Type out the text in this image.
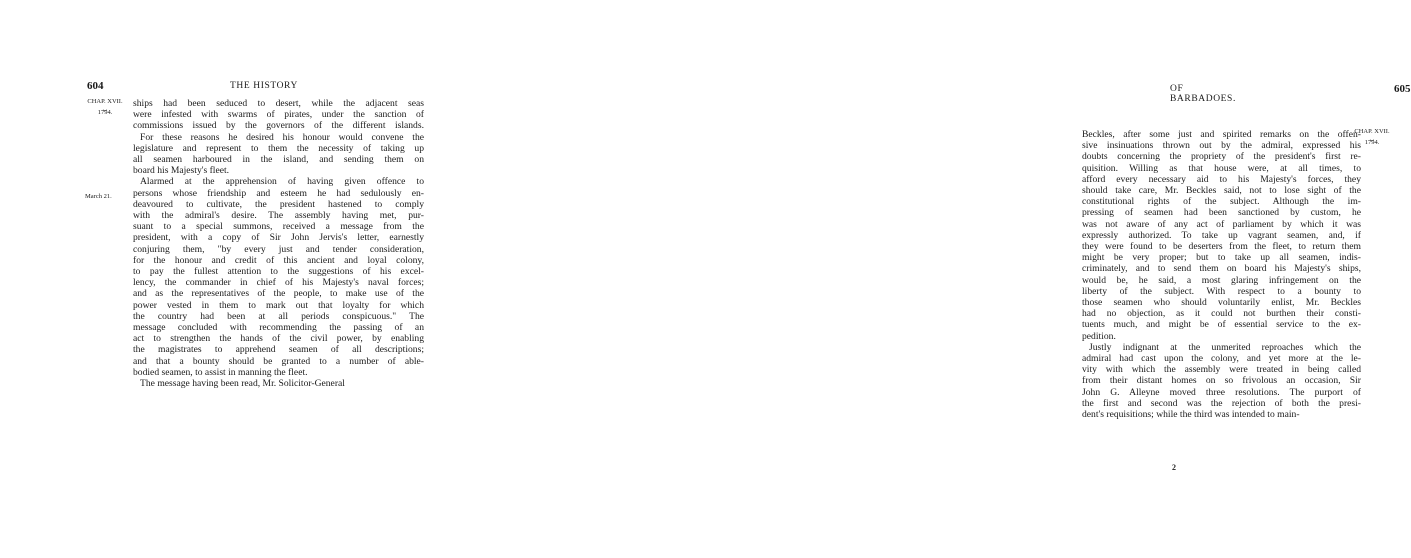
604	THE HISTORY
CHAP. XVII.
⏟
1794.
March 21.
ships had been seduced to desert, while the adjacent seas
were infested with swarms of pirates, under the sanction of
commissions issued by the governors of the different islands.
For these reasons he desired his honour would convene the
legislature and represent to them the necessity of taking up
all seamen harboured in the island, and sending them on
board his Majesty's fleet.
Alarmed at the apprehension of having given offence to
persons whose friendship and esteem he had sedulously en-
deavoured to cultivate, the president hastened to comply
with the admiral's desire. The assembly having met, pur-
suant to a special summons, received a message from the
president, with a copy of Sir John Jervis's letter, earnestly
conjuring them, "by every just and tender consideration,
for the honour and credit of this ancient and loyal colony,
to pay the fullest attention to the suggestions of his excel-
lency, the commander in chief of his Majesty's naval forces;
and as the representatives of the people, to make use of the
power vested in them to mark out that loyalty for which
the country had been at all periods conspicuous." The
message concluded with recommending the passing of an
act to strengthen the hands of the civil power, by enabling
the magistrates to apprehend seamen of all descriptions;
and that a bounty should be granted to a number of able-
bodied seamen, to assist in manning the fleet.
The message having been read, Mr. Solicitor-General
OF BARBADOES.
605
CHAP. XVII.
⏟
1794.
Beckles, after some just and spirited remarks on the offen-
sive insinuations thrown out by the admiral, expressed his
doubts concerning the propriety of the president's first re-
quisition. Willing as that house were, at all times, to
afford every necessary aid to his Majesty's forces, they
should take care, Mr. Beckles said, not to lose sight of the
constitutional rights of the subject. Although the im-
pressing of seamen had been sanctioned by custom, he
was not aware of any act of parliament by which it was
expressly authorized. To take up vagrant seamen, and, if
they were found to be deserters from the fleet, to return them
might be very proper; but to take up all seamen, indis-
criminately, and to send them on board his Majesty's ships,
would be, he said, a most glaring infringement on the
liberty of the subject. With respect to a bounty to
those seamen who should voluntarily enlist, Mr. Beckles
had no objection, as it could not burthen their consti-
tuents much, and might be of essential service to the ex-
pedition.
Justly indignant at the unmerited reproaches which the
admiral had cast upon the colony, and yet more at the le-
vity with which the assembly were treated in being called
from their distant homes on so frivolous an occasion, Sir
John G. Alleyne moved three resolutions. The purport of
the first and second was the rejection of both the presi-
dent's requisitions; while the third was intended to main-
2
